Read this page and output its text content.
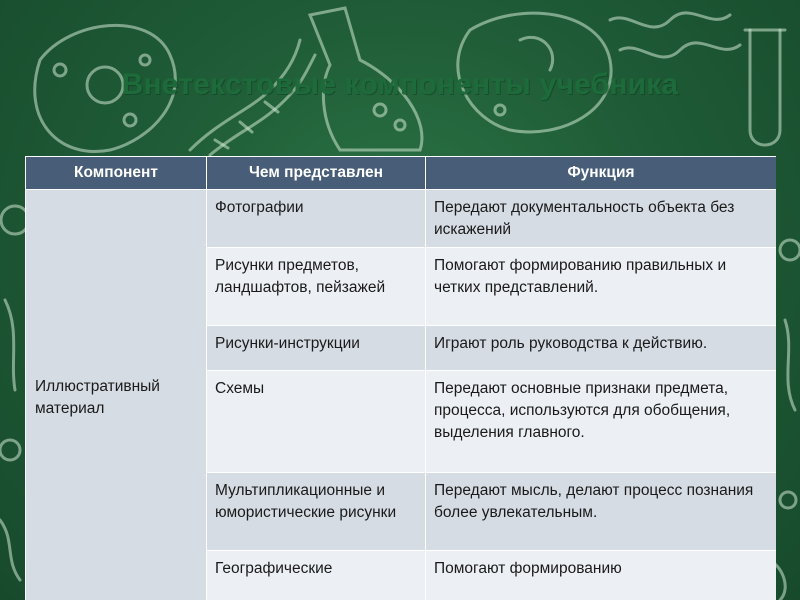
Внетекстовые компоненты учебника
Компонент	Чем представлен	Функция
Иллюстративный материал	Фотографии	Передают документальность объекта без искажений
	Рисунки предметов, ландшафтов, пейзажей	Помогают формированию правильных и четких представлений.
	Рисунки-инструкции	Играют роль руководства к действию.
	Схемы	Передают основные признаки предмета, процесса, используются для обобщения, выделения главного.
	Мультипликационные и юмористические рисунки	Передают мысль, делают процесс познания более увлекательным.
	Географические	Помогают формированию
